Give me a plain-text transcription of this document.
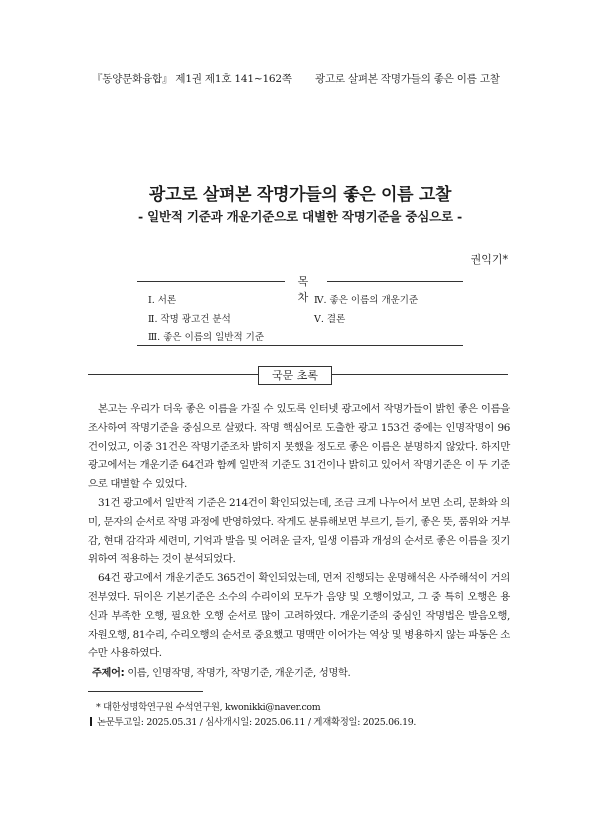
『동양문화융합』 제1권 제1호 141∼162쪽 광고로 살펴본 작명가들의 좋은 이름 고찰
광고로 살펴본 작명가들의 좋은 이름 고찰
- 일반적 기준과 개운기준으로 대별한 작명기준을 중심으로 -
권익기*
목 차
Ⅰ. 서론
Ⅱ. 작명 광고건 분석
Ⅲ. 좋은 이름의 일반적 기준
Ⅳ. 좋은 이름의 개운기준
Ⅴ. 결론
국문 초록

본고는 우리가 더욱 좋은 이름을 가질 수 있도록 인터넷 광고에서 작명가들이 밝힌 좋은 이름을 조사하여 작명기준을 중심으로 살폈다. 작명 핵심어로 도출한 광고 153건 중에는 인명작명이 96건이었고, 이중 31건은 작명기준조차 밝히지 못했을 정도로 좋은 이름은 분명하지 않았다. 하지만 광고에서는 개운기준 64건과 함께 일반적 기준도 31건이나 밝히고 있어서 작명기준은 이 두 기준으로 대별할 수 있었다.

31건 광고에서 일반적 기준은 214건이 확인되었는데, 조금 크게 나누어서 보면 소리, 문화와 의미, 문자의 순서로 작명 과정에 반영하였다. 작게도 분류해보면 부르기, 듣기, 좋은 뜻, 품위와 거부감, 현대 감각과 세련미, 기억과 발음 및 어려운 글자, 일생 이름과 개성의 순서로 좋은 이름을 짓기 위하여 적용하는 것이 분석되었다.

64건 광고에서 개운기준도 365건이 확인되었는데, 먼저 진행되는 운명해석은 사주해석이 거의 전부였다. 뒤이은 기본기준은 소수의 수리이외 모두가 음양 및 오행이었고, 그 중 특히 오행은 용신과 부족한 오행, 필요한 오행 순서로 많이 고려하였다. 개운기준의 중심인 작명법은 발음오행, 자원오행, 81수리, 수리오행의 순서로 중요했고 명맥만 이어가는 역상 및 병용하지 않는 파동은 소수만 사용하였다.

주제어: 이름, 인명작명, 작명가, 작명기준, 개운기준, 성명학.
* 대한성명학연구원 수석연구원, kwonikki@naver.com
논문투고일: 2025.05.31 / 심사개시일: 2025.06.11 / 게재확정일: 2025.06.19.
